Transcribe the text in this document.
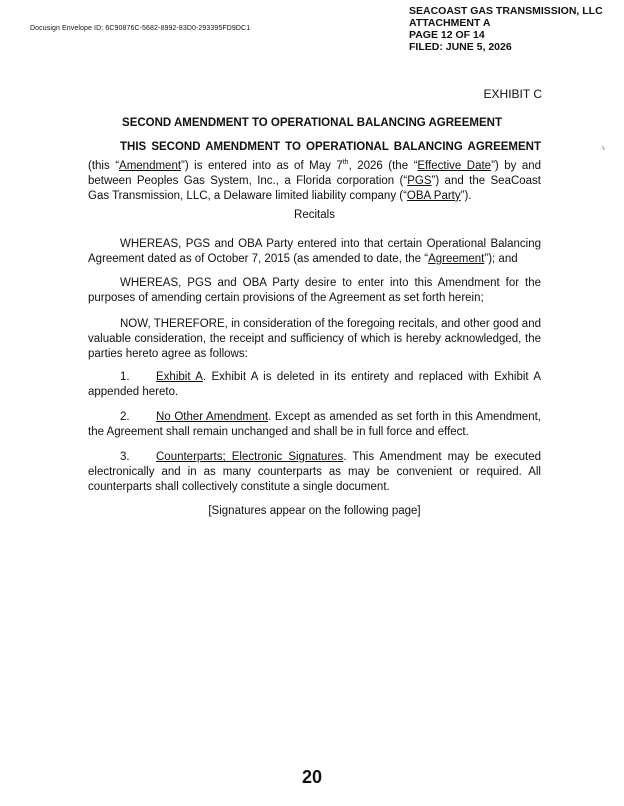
Docusign Envelope ID: 6C90876C-5682-8992-83D0-293395FD9DC1
SEACOAST GAS TRANSMISSION, LLC
ATTACHMENT A
PAGE 12 OF 14
FILED: JUNE 5, 2026
EXHIBIT C
SECOND AMENDMENT TO OPERATIONAL BALANCING AGREEMENT
THIS SECOND AMENDMENT TO OPERATIONAL BALANCING AGREEMENT (this “Amendment”) is entered into as of May 7th, 2026 (the “Effective Date”) by and between Peoples Gas System, Inc., a Florida corporation (“PGS”) and the SeaCoast Gas Transmission, LLC, a Delaware limited liability company (“OBA Party”).
Recitals
WHEREAS, PGS and OBA Party entered into that certain Operational Balancing Agreement dated as of October 7, 2015 (as amended to date, the “Agreement”); and
WHEREAS, PGS and OBA Party desire to enter into this Amendment for the purposes of amending certain provisions of the Agreement as set forth herein;
NOW, THEREFORE, in consideration of the foregoing recitals, and other good and valuable consideration, the receipt and sufficiency of which is hereby acknowledged, the parties hereto agree as follows:
1. Exhibit A. Exhibit A is deleted in its entirety and replaced with Exhibit A appended hereto.
2. No Other Amendment. Except as amended as set forth in this Amendment, the Agreement shall remain unchanged and shall be in full force and effect.
3. Counterparts; Electronic Signatures. This Amendment may be executed electronically and in as many counterparts as may be convenient or required. All counterparts shall collectively constitute a single document.
[Signatures appear on the following page]
20
